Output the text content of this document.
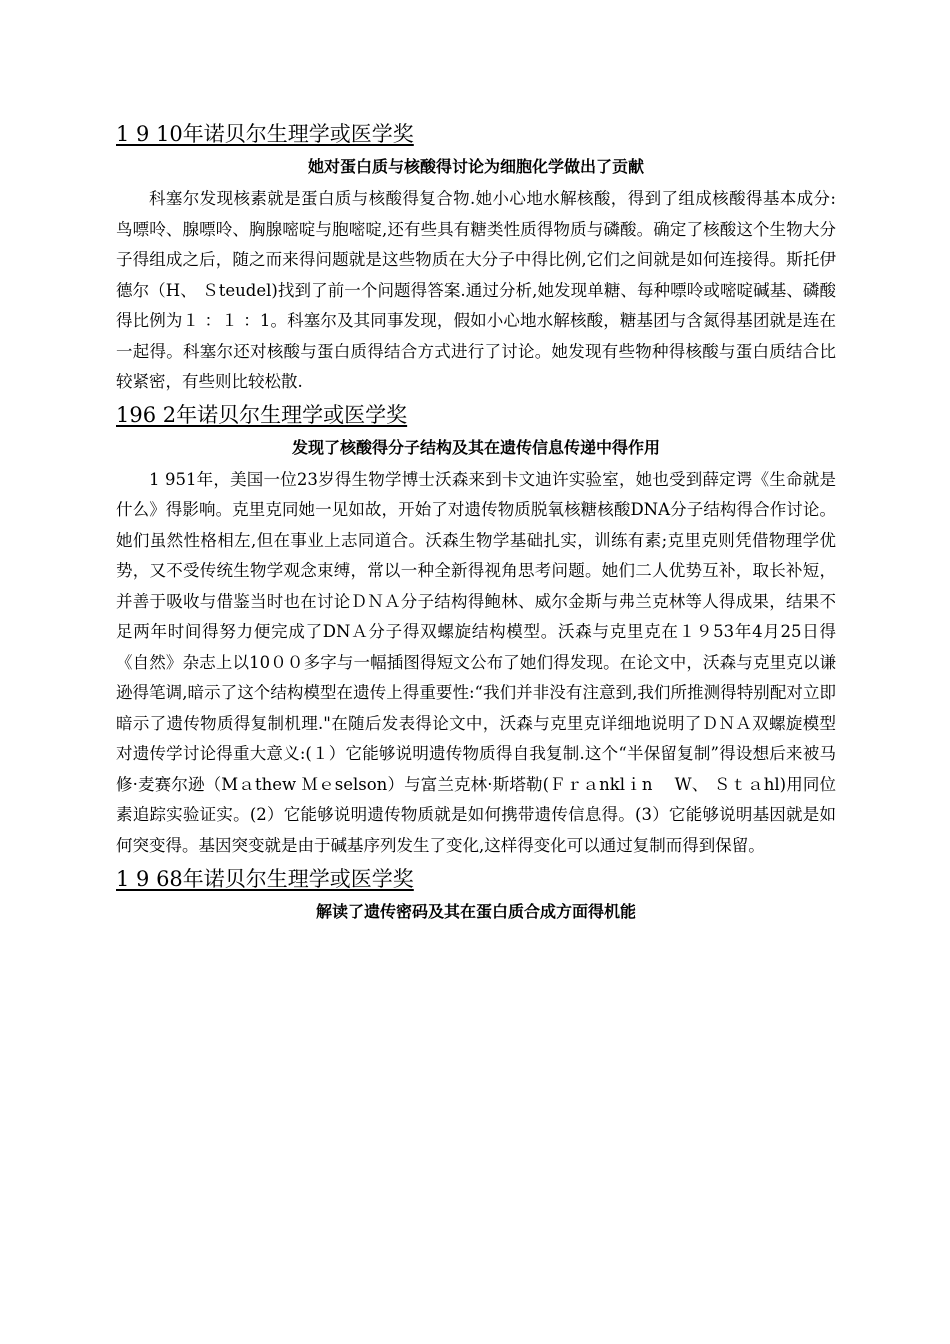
1 9 10年诺贝尔生理学或医学奖
她对蛋白质与核酸得讨论为细胞化学做出了贡献

科塞尔发现核素就是蛋白质与核酸得复合物.她小心地水解核酸，得到了组成核酸得基本成分:鸟嘌呤、腺嘌呤、胸腺嘧啶与胞嘧啶,还有些具有糖类性质得物质与磷酸。确定了核酸这个生物大分子得组成之后，随之而来得问题就是这些物质在大分子中得比例,它们之间就是如何连接得。斯托伊德尔（H、 Ｓteudel)找到了前一个问题得答案.通过分析,她发现单糖、每种嘌呤或嘧啶碱基、磷酸得比例为１ ：１ ：1。科塞尔及其同事发现，假如小心地水解核酸，糖基团与含氮得基团就是连在一起得。科塞尔还对核酸与蛋白质得结合方式进行了讨论。她发现有些物种得核酸与蛋白质结合比较紧密，有些则比较松散.

196 2年诺贝尔生理学或医学奖
发现了核酸得分子结构及其在遗传信息传递中得作用

1 951年，美国一位23岁得生物学博士沃森来到卡文迪许实验室，她也受到薛定谔《生命就是什么》得影响。克里克同她一见如故，开始了对遗传物质脱氧核糖核酸DNA分子结构得合作讨论。她们虽然性格相左,但在事业上志同道合。沃森生物学基础扎实，训练有素;克里克则凭借物理学优势，又不受传统生物学观念束缚，常以一种全新得视角思考问题。她们二人优势互补，取长补短，并善于吸收与借鉴当时也在讨论ＤＮＡ分子结构得鲍林、威尔金斯与弗兰克林等人得成果，结果不足两年时间得努力便完成了DNＡ分子得双螺旋结构模型。沃森与克里克在１９53年4月25日得《自然》杂志上以10００多字与一幅插图得短文公布了她们得发现。在论文中，沃森与克里克以谦逊得笔调,暗示了这个结构模型在遗传上得重要性:“我们并非没有注意到,我们所推测得特别配对立即暗示了遗传物质得复制机理."在随后发表得论文中，沃森与克里克详细地说明了ＤＮＡ双螺旋模型对遗传学讨论得重大意义:(１）它能够说明遗传物质得自我复制.这个“半保留复制”得设想后来被马修·麦赛尔逊（Mａthew Ｍｅselson）与富兰克林·斯塔勒(Ｆｒａnklｉn　 W、 Ｓｔａhl)用同位素追踪实验证实。(2）它能够说明遗传物质就是如何携带遗传信息得。(3）它能够说明基因就是如何突变得。基因突变就是由于碱基序列发生了变化,这样得变化可以通过复制而得到保留。

1 9 68年诺贝尔生理学或医学奖
解读了遗传密码及其在蛋白质合成方面得机能
